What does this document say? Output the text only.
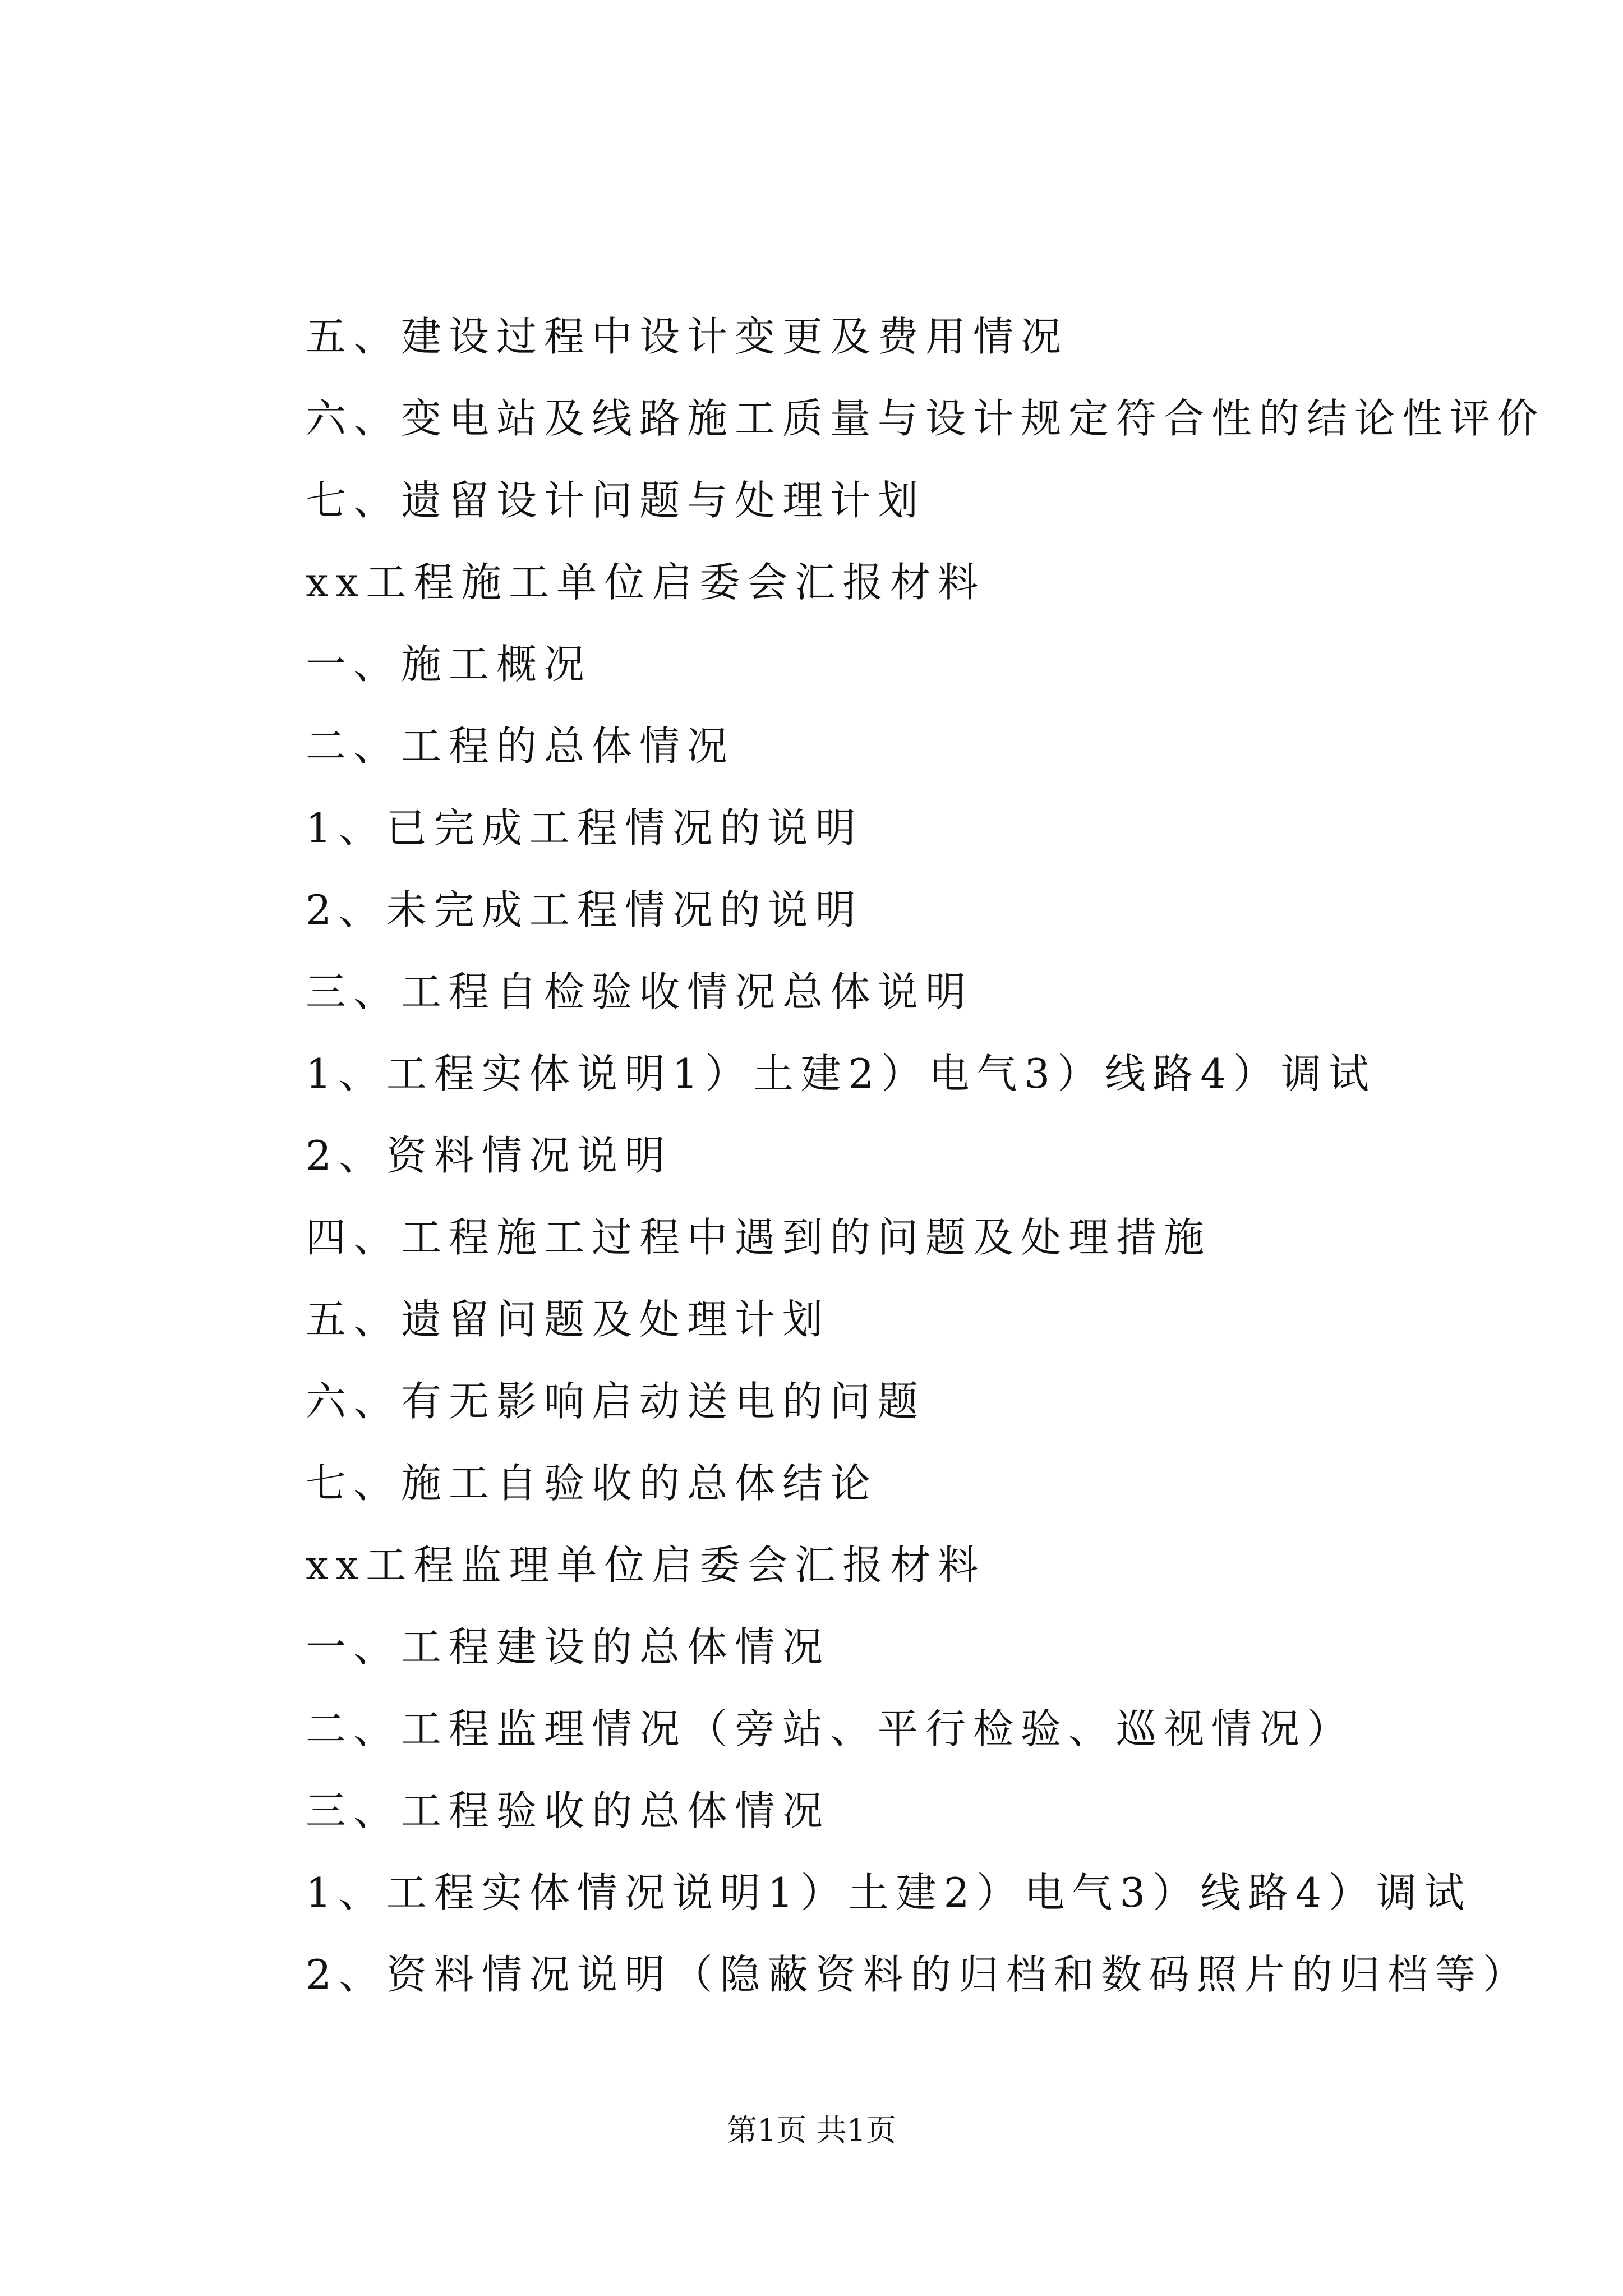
五、建设过程中设计变更及费用情况
六、变电站及线路施工质量与设计规定符合性的结论性评价
七、遗留设计问题与处理计划
xx工程施工单位启委会汇报材料
一、施工概况
二、工程的总体情况
1、已完成工程情况的说明
2、未完成工程情况的说明
三、工程自检验收情况总体说明
1、工程实体说明1）土建2）电气3）线路4）调试
2、资料情况说明
四、工程施工过程中遇到的问题及处理措施
五、遗留问题及处理计划
六、有无影响启动送电的问题
七、施工自验收的总体结论
xx工程监理单位启委会汇报材料
一、工程建设的总体情况
二、工程监理情况（旁站、平行检验、巡视情况）
三、工程验收的总体情况
1、工程实体情况说明1）土建2）电气3）线路4）调试
2、资料情况说明（隐蔽资料的归档和数码照片的归档等）
第1页 共1页
